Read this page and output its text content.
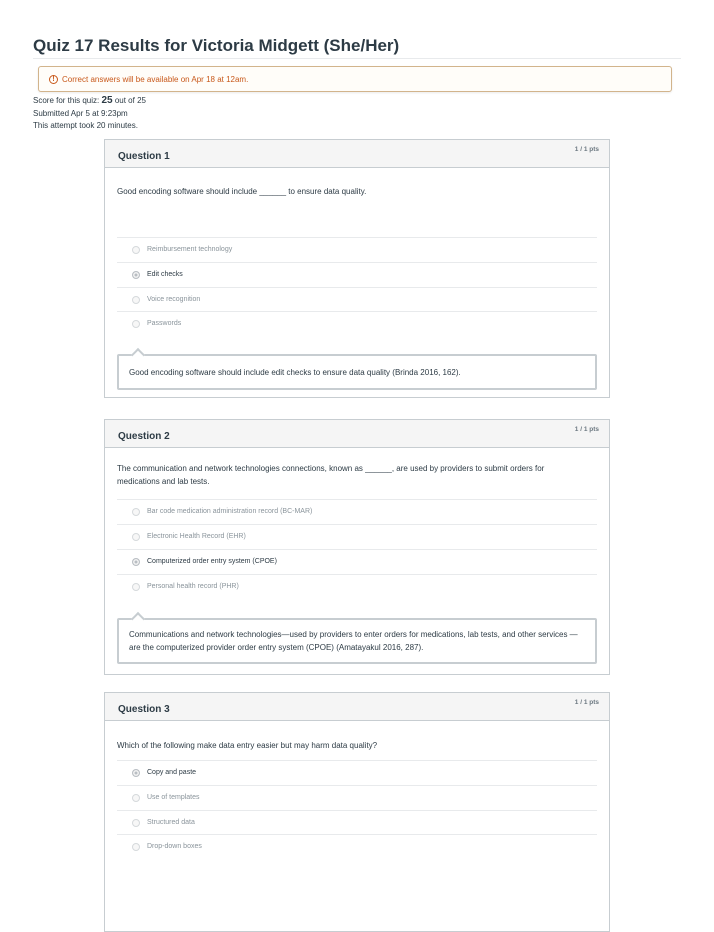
Quiz 17 Results for Victoria Midgett (She/Her)
! Correct answers will be available on Apr 18 at 12am.
Score for this quiz: 25 out of 25
Submitted Apr 5 at 9:23pm
This attempt took 20 minutes.
Question 1
1 / 1 pts
Good encoding software should include ______ to ensure data quality.
Reimbursement technology
Edit checks
Voice recognition
Passwords
Good encoding software should include edit checks to ensure data quality (Brinda 2016, 162).
Question 2
1 / 1 pts
The communication and network technologies connections, known as ______, are used by providers to submit orders for medications and lab tests.
Bar code medication administration record (BC-MAR)
Electronic Health Record (EHR)
Computerized order entry system (CPOE)
Personal health record (PHR)
Communications and network technologies—used by providers to enter orders for medications, lab tests, and other services —are the computerized provider order entry system (CPOE) (Amatayakul 2016, 287).
Question 3
1 / 1 pts
Which of the following make data entry easier but may harm data quality?
Copy and paste
Use of templates
Structured data
Drop-down boxes
